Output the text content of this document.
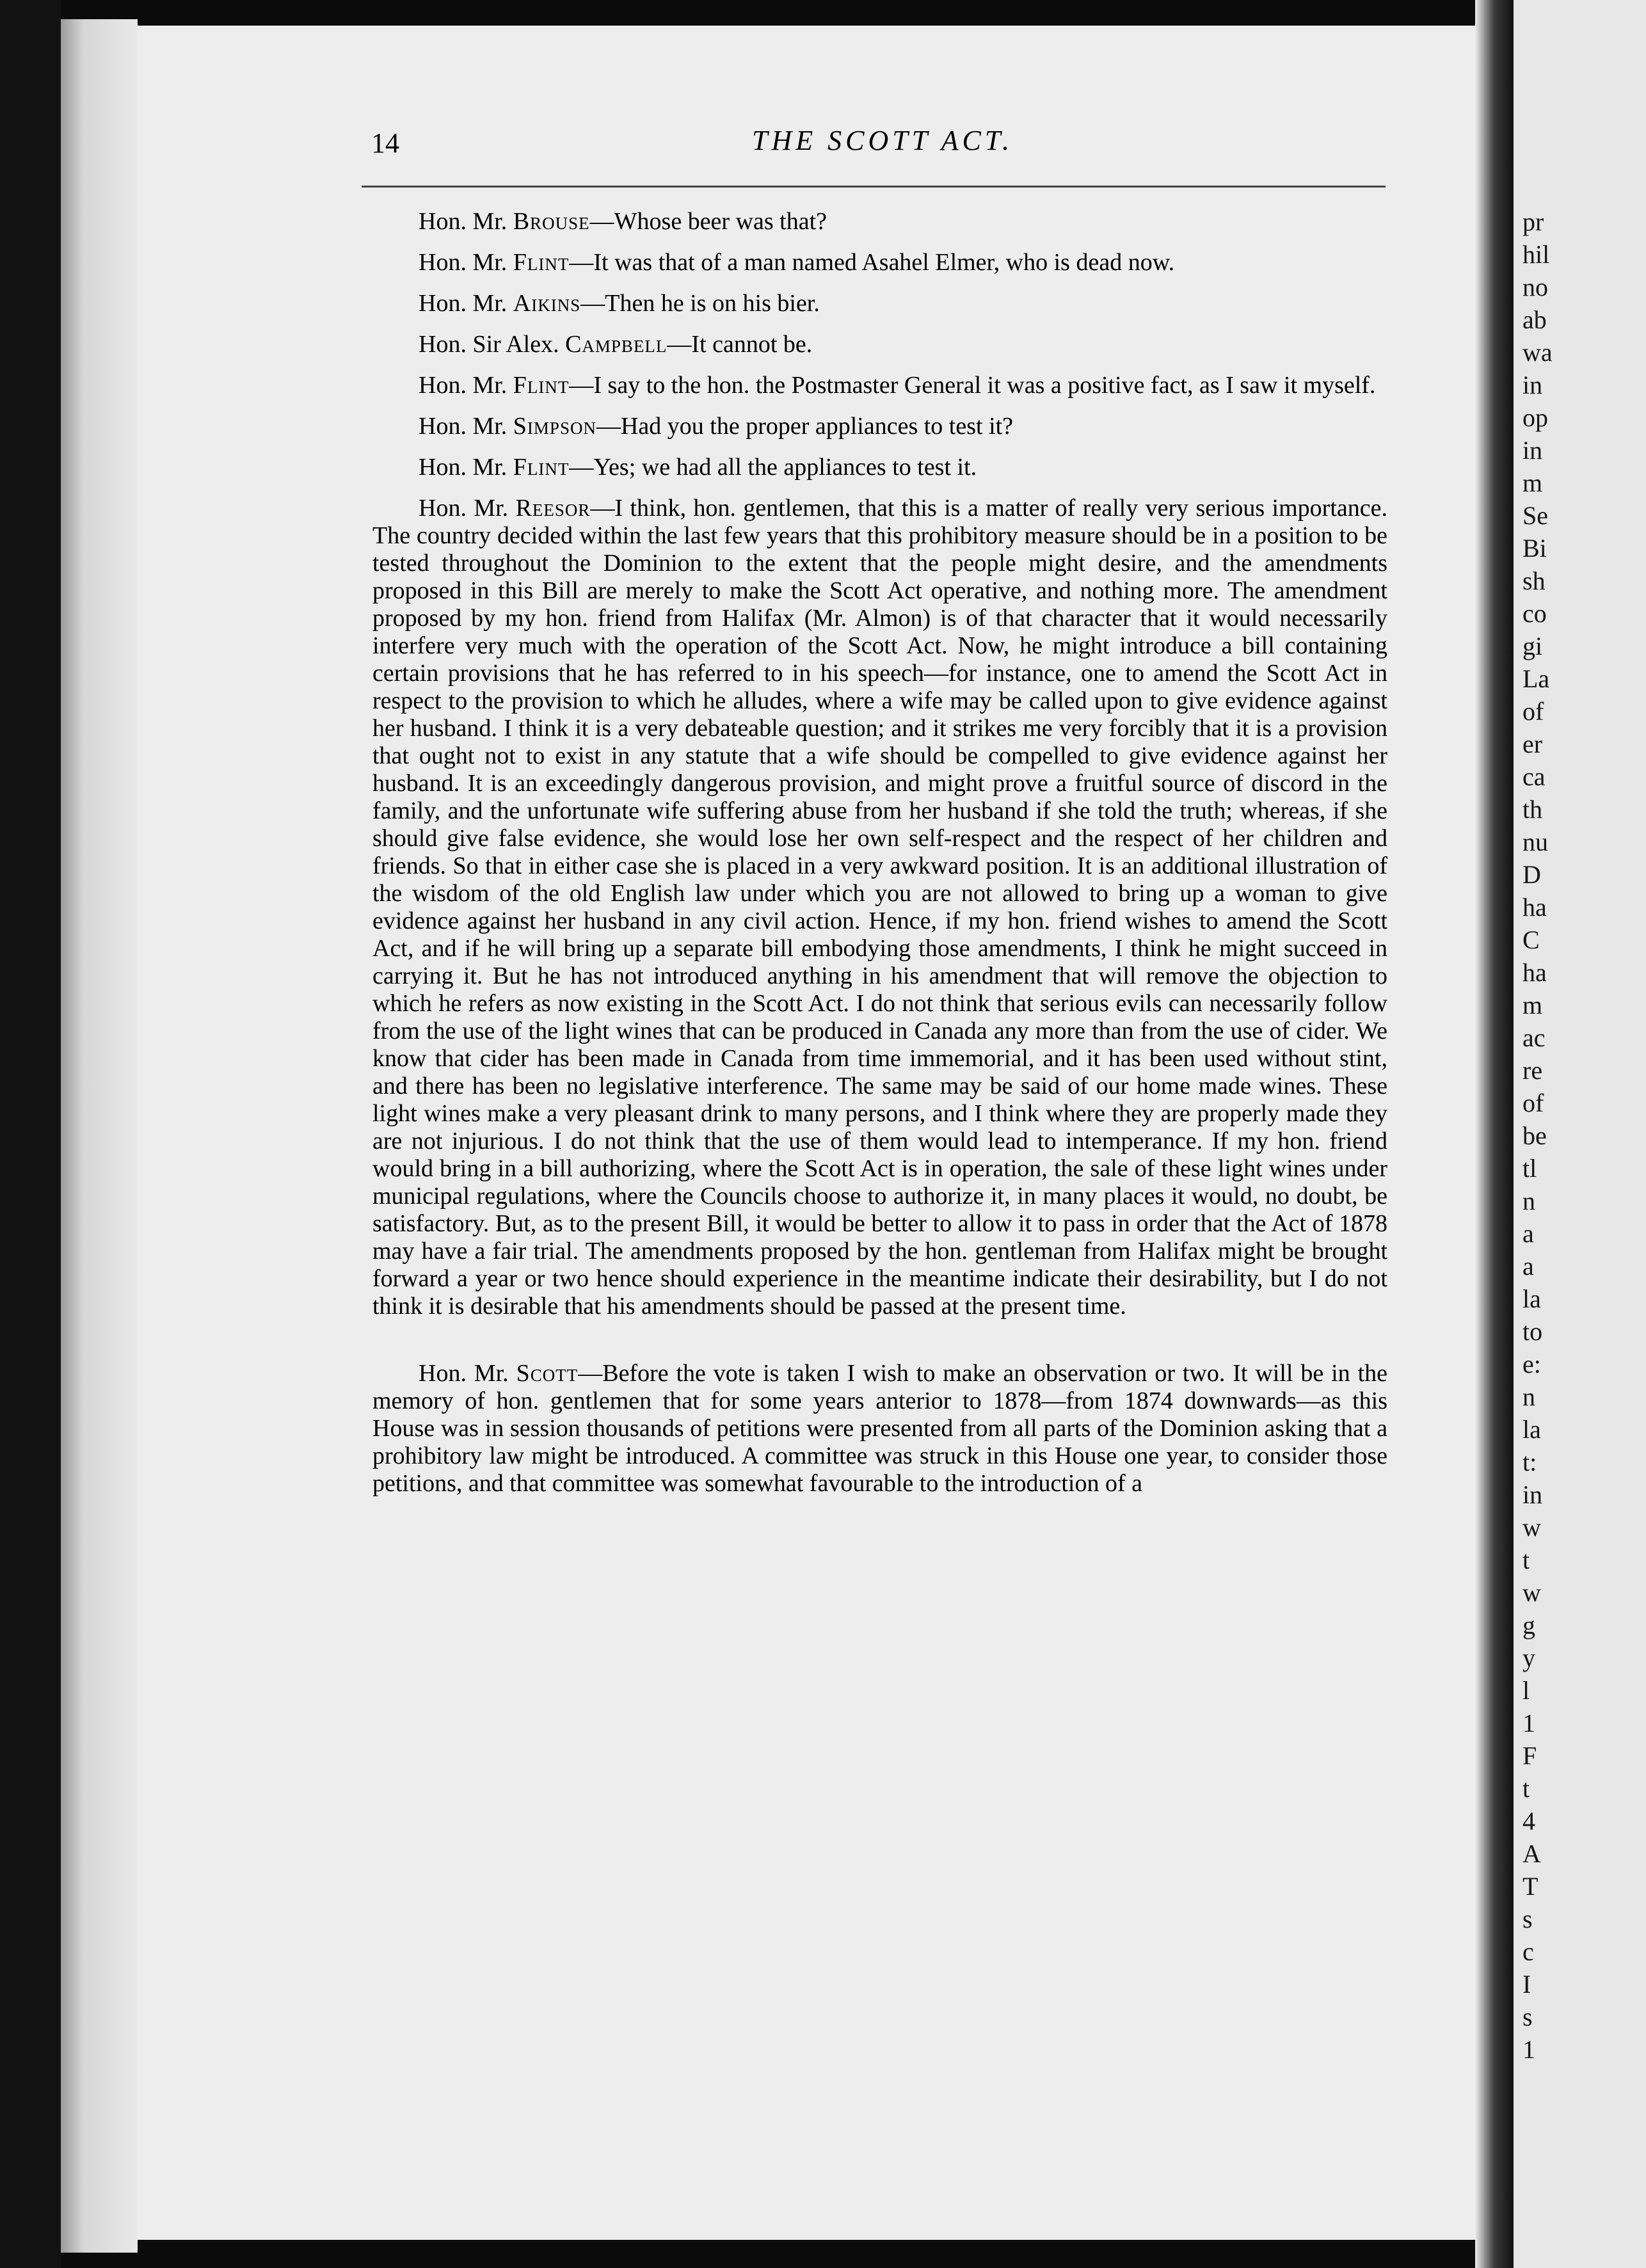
14	THE SCOTT ACT.

Hon. Mr. Brouse—Whose beer was that?

Hon. Mr. Flint—It was that of a man named Asahel Elmer, who is dead now.

Hon. Mr. Aikins—Then he is on his bier.

Hon. Sir Alex. Campbell—It cannot be.

Hon. Mr. Flint—I say to the hon. the Postmaster General it was a positive fact, as I saw it myself.

Hon. Mr. Simpson—Had you the proper appliances to test it?

Hon. Mr. Flint—Yes; we had all the appliances to test it.

Hon. Mr. Reesor—I think, hon. gentlemen, that this is a matter of really very serious importance. The country decided within the last few years that this prohibitory measure should be in a position to be tested throughout the Dominion to the extent that the people might desire, and the amendments proposed in this Bill are merely to make the Scott Act operative, and nothing more. The amendment proposed by my hon. friend from Halifax (Mr. Almon) is of that character that it would necessarily interfere very much with the operation of the Scott Act. Now, he might introduce a bill containing certain provisions that he has referred to in his speech—for instance, one to amend the Scott Act in respect to the provision to which he alludes, where a wife may be called upon to give evidence against her husband. I think it is a very debateable question; and it strikes me very forcibly that it is a provision that ought not to exist in any statute that a wife should be compelled to give evidence against her husband. It is an exceedingly dangerous provision, and might prove a fruitful source of discord in the family, and the unfortunate wife suffering abuse from her husband if she told the truth; whereas, if she should give false evidence, she would lose her own self-respect and the respect of her children and friends. So that in either case she is placed in a very awkward position. It is an additional illustration of the wisdom of the old English law under which you are not allowed to bring up a woman to give evidence against her husband in any civil action. Hence, if my hon. friend wishes to amend the Scott Act, and if he will bring up a separate bill embodying those amendments, I think he might succeed in carrying it. But he has not introduced anything in his amendment that will remove the objection to which he refers as now existing in the Scott Act. I do not think that serious evils can necessarily follow from the use of the light wines that can be produced in Canada any more than from the use of cider. We know that cider has been made in Canada from time immemorial, and it has been used without stint, and there has been no legislative interference. The same may be said of our home made wines. These light wines make a very pleasant drink to many persons, and I think where they are properly made they are not injurious. I do not think that the use of them would lead to intemperance. If my hon. friend would bring in a bill authorizing, where the Scott Act is in operation, the sale of these light wines under municipal regulations, where the Councils choose to authorize it, in many places it would, no doubt, be satisfactory. But, as to the present Bill, it would be better to allow it to pass in order that the Act of 1878 may have a fair trial. The amendments proposed by the hon. gentleman from Halifax might be brought forward a year or two hence should experience in the meantime indicate their desirability, but I do not think it is desirable that his amendments should be passed at the present time.

Hon. Mr. Scott—Before the vote is taken I wish to make an observation or two. It will be in the memory of hon. gentlemen that for some years anterior to 1878—from 1874 downwards—as this House was in session thousands of petitions were presented from all parts of the Dominion asking that a prohibitory law might be introduced. A committee was struck in this House one year, to consider those petitions, and that committee was somewhat favourable to the introduction of a

pr
hil
no
ab
wa
in
op
in
m
Se
Bi
sh
co
gi
La
of
er
ca
th
nu
D
ha
C
ha
m
ac
re
of
be
tl
n
a
a
la
to
e:
n
la
t:
in
w
t
w
g
y
l
1
F
t
4
A
T
s
c
I
s
1
